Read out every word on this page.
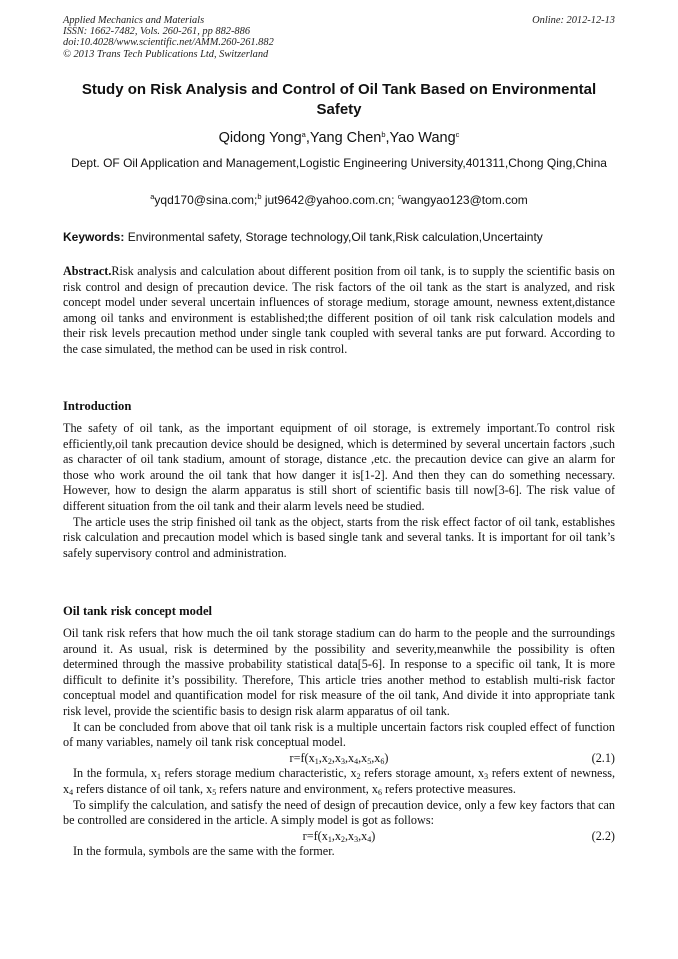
Applied Mechanics and Materials
ISSN: 1662-7482, Vols. 260-261, pp 882-886
doi:10.4028/www.scientific.net/AMM.260-261.882
© 2013 Trans Tech Publications Ltd, Switzerland
Online: 2012-12-13
Study on Risk Analysis and Control of Oil Tank Based on Environmental Safety
Qidong Yong$^a$,Yang Chen$^b$,Yao Wang$^c$
Dept. OF Oil Application and Management,Logistic Engineering University,401311,Chong Qing,China
$^a$yqd170@sina.com;$^b$ jut9642@yahoo.com.cn; $^c$wangyao123@tom.com
Keywords: Environmental safety, Storage technology,Oil tank,Risk calculation,Uncertainty

Abstract.Risk analysis and calculation about different position from oil tank, is to supply the scientific basis on risk control and design of precaution device. The risk factors of the oil tank as the start is analyzed, and risk concept model under several uncertain influences of storage medium, storage amount, newness extent,distance among oil tanks and environment is established;the different position of oil tank risk calculation models and their risk levels precaution method under single tank coupled with several tanks are put forward. According to the case simulated, the method can be used in risk control.

Introduction

The safety of oil tank, as the important equipment of oil storage, is extremely important.To control risk efficiently,oil tank precaution device should be designed, which is determined by several uncertain factors ,such as character of oil tank stadium, amount of storage, distance ,etc. the precaution device can give an alarm for those who work around the oil tank that how danger it is[1-2]. And then they can do something necessary. However, how to design the alarm apparatus is still short of scientific basis till now[3-6]. The risk value of different situation from the oil tank and their alarm levels need be studied.

The article uses the strip finished oil tank as the object, starts from the risk effect factor of oil tank, establishes risk calculation and precaution model which is based single tank and several tanks. It is important for oil tank’s safely supervisory control and administration.

Oil tank risk concept model

Oil tank risk refers that how much the oil tank storage stadium can do harm to the people and the surroundings around it. As usual, risk is determined by the possibility and severity,meanwhile the possibility is often determined through the massive probability statistical data[5-6]. In response to a specific oil tank, It is more difficult to definite it’s possibility. Therefore, This article tries another method to establish multi-risk factor conceptual model and quantification model for risk measure of the oil tank, And divide it into appropriate tank risk level, provide the scientific basis to design risk alarm apparatus of oil tank.

It can be concluded from above that oil tank risk is a multiple uncertain factors risk coupled effect of function of many variables, namely oil tank risk conceptual model.

$r=f(x_1,x_2,x_3,x_4,x_5,x_6)$	(2.1)

In the formula, $x_1$ refers storage medium characteristic, $x_2$ refers storage amount, $x_3$ refers extent of newness, $x_4$ refers distance of oil tank, $x_5$ refers nature and environment, $x_6$ refers protective measures.

To simplify the calculation, and satisfy the need of design of precaution device, only a few key factors that can be controlled are considered in the article. A simply model is got as follows:

$r=f(x_1,x_2,x_3,x_4)$	(2.2)

In the formula, symbols are the same with the former.
